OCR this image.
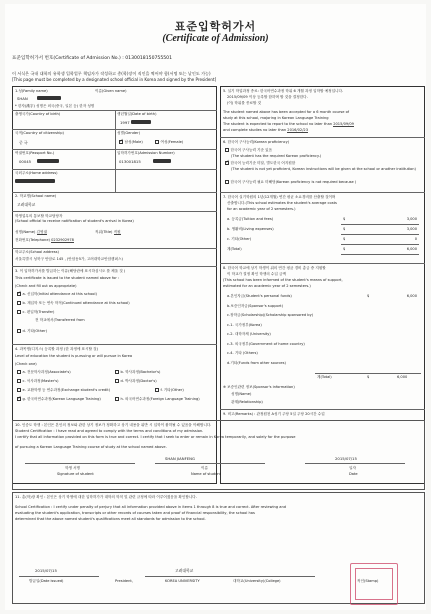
표준입학허가서
(Certificate of Admission)
표준입학허가서 번호(Certificate of Admission No.) : 0130018150755501
이 서식은 국내 대학의 유학생 입학업무 책임자가 작성하고 총(학)장이 직인을 찍어야 함(서명 또는 날인도 가능)
[This page must be completed by a designated school official in Korea and signed by the President]
1.성(Family name)	이름(Given name)
SHAN
* 한자(漢字) 성명은 외국(중국, 일본 등) 한자 성명
출생국가(Country of birth)	생년월일(Date of birth)
1997
국적(Country of citizenship)
중 국
성별(Gender)
✓남성(Male)	여성(Female)
여권번호(Passport No.)
00045
입학허가번호(Admission Number)
013001815
국외주소(Home address)
2. 학교명(School name)
고려대학교
학생업무의 통보할 학교담당자
(School official to receive notification of student's arrival in Korea)
성명(Name) 김영권	직위(Title) 직원
전화번호(Telephone) 0232902978
학교주소(School address)
서울특별시 성북구 안암로 145 , (안암동5가, 고려대학교안암캠퍼스)
3. 이 입학허가서를 발급하는 이유(해당란에 표시하십시오 를 체울 것 )
This certificate is issued to the student named above for :
(Check and fill out as appropriate)
✓a. 신입학(Initial attendance at this school)
b. 재입학 또는 연속 학적(Continued attendance at this school)
c. 편입학(Transfer)
전 학교에서(Transferred from
d. 기타(Other)
4. 과목명(디지스) 등록할 과정 (한 과정에 표시할 것)
Level of education the student is pursuing or will pursue in Korea
(Check one)
a. 전문학사과정(Associate's)	b. 학사과정(Bachelor's)
c. 석사과정(Master's)	d. 박사과정(Doctor's)
e. 교환학생 등 연수과정(Exchange student's credit)	f. 기타(Other)
✓g. 한국어연수과정(Korean Language Training)	h. 외국어연수과정(Foreign Language Training)
5. 실기 학업과정 종료: 한국어연수과정 학위 6 개월 과정 입학할 예정입니다.
2015/09/09 이상 등록할 함하며 할 것을 결정한다.
(이) 학위를 종료할 것
The student named above has been accepted for a 6 month course of
study at this school, majoring in Korean Language Training
The student is expected to report to the school no later than 2015/09/09
and complete studies no later than 2016/02/23
6. 한국어 구사능력(Korean proficiency)
한국어 구사능력 기준 있음
(The student has the required Korean proficiency.)
✓한국어 능력기준 미달, 별도한국 어지원함
(The student is not yet proficient, Korean instructions will be given at the school or another institution)
한국어 구사능력 필요 미해당(Korean proficiency is not required because )
7. 한국어 실기학원의 1년(12개월) 연간 평균 소요경비를 산출할 것이며
산출합니다.(This school estimates the student's average costs
for an academic year of 2 semesters.)
a. 등록금(Tuition and fees)	$	3,000
b. 생활비(Living expenses)	$	3,000
c. 기타(Other)	$	0
계(Total)	$	6,000
8. 한국어 학교에 상기 학생이 위의 연간 평균 경비 총금 중 지원할
이 학교가 결정 확인 학생의 수입 금액
(This school has been informed of the student's means of support,
estimated for an academic year of 2 semesters.)
a.본인자금(Student's personal funds)	$	6,000
b.보증인자금(Sponsor's support)
c.장학금(Scholarship)(Scholarship sponsored by)
c-1. 국가정부(Korea)
c-2. 대학자체 (University)
c-3. 외국정부(Government of home country)
c-4. 기타 (Others)
d.기타(Funds from other sources)
계(Total)	$	6,000
※ 보증인관련 정보(Sponsor's information)
성명(Name)
관계(Relationship)
9. 비고(Remarks) : 관정원천 A성기 주당 5일 주당 20시간 수업
10. 인증도 학생 : 본인은 본인의 정보와 관한 상기 정보가 정확하고 상기 내용을 위반 시 입학이 불허될 수 있음을 이해합니다.
Student Certification : I have read and agreed to comply with the terms and conditions of my admission.
I certify that all information provided on this form is true and correct. I certify that I seek to enter or remain in Korea temporarily, and solely for the purpose
of pursuing a Korean Language Training course of study at the school named above.
SHAN JIANFENG	2015/07/15
학생 서명
Signature of student
이름
Name of student
일자
Date
11. 총(학)장 확인 : 본인은 상기 학생에 대한 입학허가가 대학의 학칙 및 관련 규정에 따라 이루어졌음을 확인합니다.
School Certification : I certify under penalty of perjury that all information provided above in items 1 through 8 is true and correct. After reviewing and
evaluating the student's application, transcripts or other records of courses taken and proof of financial responsibility, the school has
determined that the above named student's qualifications meet all standards for admission to the school.
2015/07/15	고려대학교
발급일(Date issued)	President,	KOREA UNIVERSITY	대학교(University)(College)	직인(Stamp)
